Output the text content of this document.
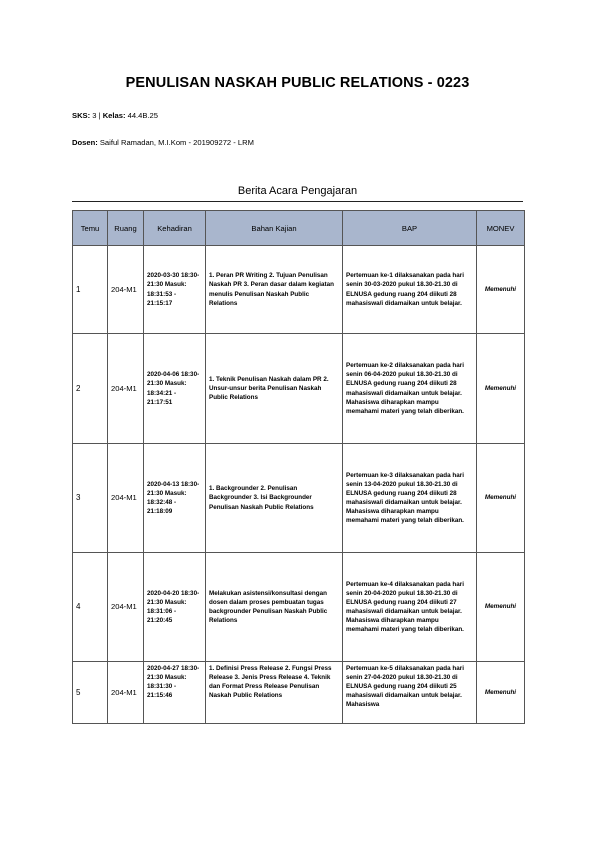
PENULISAN NASKAH PUBLIC RELATIONS - 0223
SKS: 3 | Kelas: 44.4B.25
Dosen: Saiful Ramadan, M.I.Kom - 201909272 - LRM
Berita Acara Pengajaran
Temu	Ruang	Kehadiran	Bahan Kajian	BAP	MONEV
1	204-M1	2020-03-30 18:30-21:30 Masuk: 18:31:53 - 21:15:17	1. Peran PR Writing 2. Tujuan Penulisan Naskah PR 3. Peran dasar dalam kegiatan menulis Penulisan Naskah Public Relations	Pertemuan ke-1 dilaksanakan pada hari senin 30-03-2020 pukul 18.30-21.30 di ELNUSA gedung ruang 204 diikuti 28 mahasiswa/i didamaikan untuk belajar.	Memenuhi
2	204-M1	2020-04-06 18:30-21:30 Masuk: 18:34:21 - 21:17:51	1. Teknik Penulisan Naskah dalam PR 2. Unsur-unsur berita Penulisan Naskah Public Relations	Pertemuan ke-2 dilaksanakan pada hari senin 06-04-2020 pukul 18.30-21.30 di ELNUSA gedung ruang 204 diikuti 28 mahasiswa/i didamaikan untuk belajar. Mahasiswa diharapkan mampu memahami materi yang telah diberikan.	Memenuhi
3	204-M1	2020-04-13 18:30-21:30 Masuk: 18:32:48 - 21:18:09	1. Backgrounder 2. Penulisan Backgrounder 3. Isi Backgrounder Penulisan Naskah Public Relations	Pertemuan ke-3 dilaksanakan pada hari senin 13-04-2020 pukul 18.30-21.30 di ELNUSA gedung ruang 204 diikuti 28 mahasiswa/i didamaikan untuk belajar. Mahasiswa diharapkan mampu memahami materi yang telah diberikan.	Memenuhi
4	204-M1	2020-04-20 18:30-21:30 Masuk: 18:31:06 - 21:20:45	Melakukan asistensi/konsultasi dengan dosen dalam proses pembuatan tugas backgrounder Penulisan Naskah Public Relations	Pertemuan ke-4 dilaksanakan pada hari senin 20-04-2020 pukul 18.30-21.30 di ELNUSA gedung ruang 204 diikuti 27 mahasiswa/i didamaikan untuk belajar. Mahasiswa diharapkan mampu memahami materi yang telah diberikan.	Memenuhi
5	204-M1	2020-04-27 18:30-21:30 Masuk: 18:31:30 - 21:15:46	1. Definisi Press Release 2. Fungsi Press Release 3. Jenis Press Release 4. Teknik dan Format Press Release Penulisan Naskah Public Relations	Pertemuan ke-5 dilaksanakan pada hari senin 27-04-2020 pukul 18.30-21.30 di ELNUSA gedung ruang 204 diikuti 25 mahasiswa/i didamaikan untuk belajar. Mahasiswa	Memenuhi
